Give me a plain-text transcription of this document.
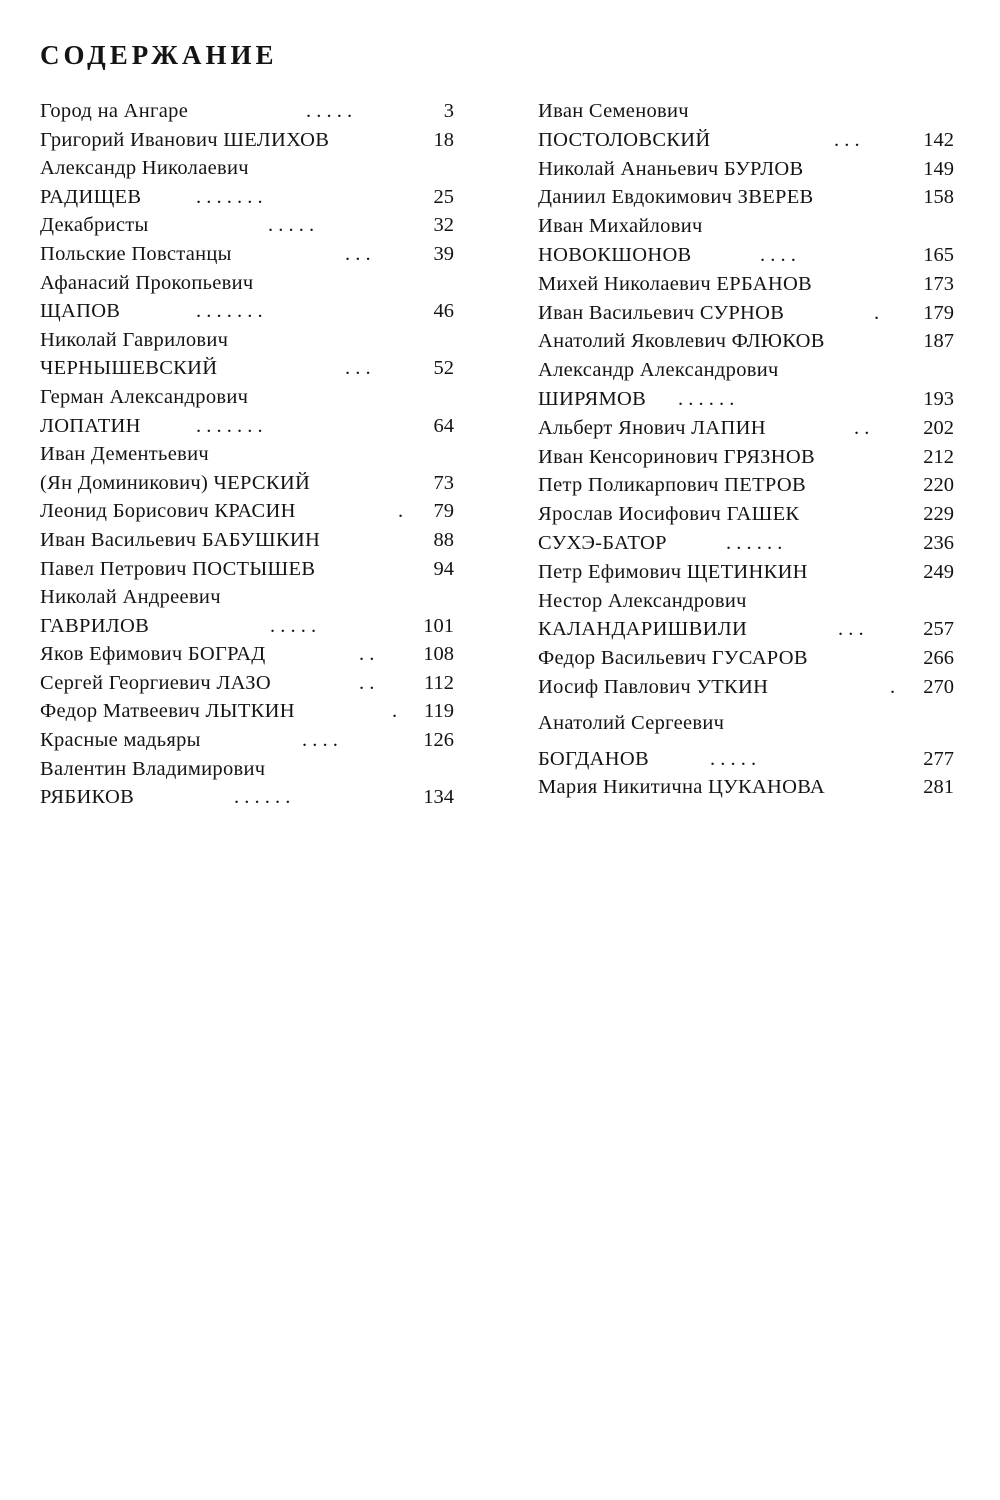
СОДЕРЖАНИЕ
Город на Ангаре	. . . . .	3
Григорий Иванович ШЕЛИХОВ	18
Александр Николаевич
РАДИЩЕВ	. . . . . . .	25
Декабристы	. . . . .	32
Польские Повстанцы	. . .	39
Афанасий Прокопьевич
ЩАПОВ	. . . . . . .	46
Николай Гаврилович
ЧЕРНЫШЕВСКИЙ	. . .	52
Герман Александрович
ЛОПАТИН	. . . . . . .	64
Иван Дементьевич
(Ян Доминикович) ЧЕРСКИЙ	73
Леонид Борисович КРАСИН	. 79
Иван Васильевич БАБУШКИН	88
Павел Петрович ПОСТЫШЕВ	94
Николай Андреевич
ГАВРИЛОВ	. . . . .	101
Яков Ефимович БОГРАД	. . 108
Сергей Георгиевич ЛАЗО	. . 112
Федор Матвеевич ЛЫТКИН	. 119
Красные мадьяры	. . . .	126
Валентин Владимирович
РЯБИКОВ	. . . . . .	134
Иван Семенович
ПОСТОЛОВСКИЙ	. . .	142
Николай Ананьевич БУРЛОВ	149
Даниил Евдокимович ЗВЕРЕВ	158
Иван Михайлович
НОВОКШОНОВ	. . . .	165
Михей Николаевич ЕРБАНОВ	173
Иван Васильевич СУРНОВ	. 179
Анатолий Яковлевич ФЛЮКОВ	187
Александр Александрович
ШИРЯМОВ . . . . . .	193
Альберт Янович ЛАПИН	. .	202
Иван Кенсоринович ГРЯЗНОВ	212
Петр Поликарпович ПЕТРОВ	220
Ярослав Иосифович ГАШЕК	229
СУХЭ-БАТОР	. . . . . .	236
Петр Ефимович ЩЕТИНКИН	249
Нестор Александрович
КАЛАНДАРИШВИЛИ	. . .	257
Федор Васильевич ГУСАРОВ	266
Иосиф Павлович УТКИН	. 270
Анатолий Сергеевич
БОГДАНОВ	. . . . .	277
Мария Никитична ЦУКАНОВА	281
